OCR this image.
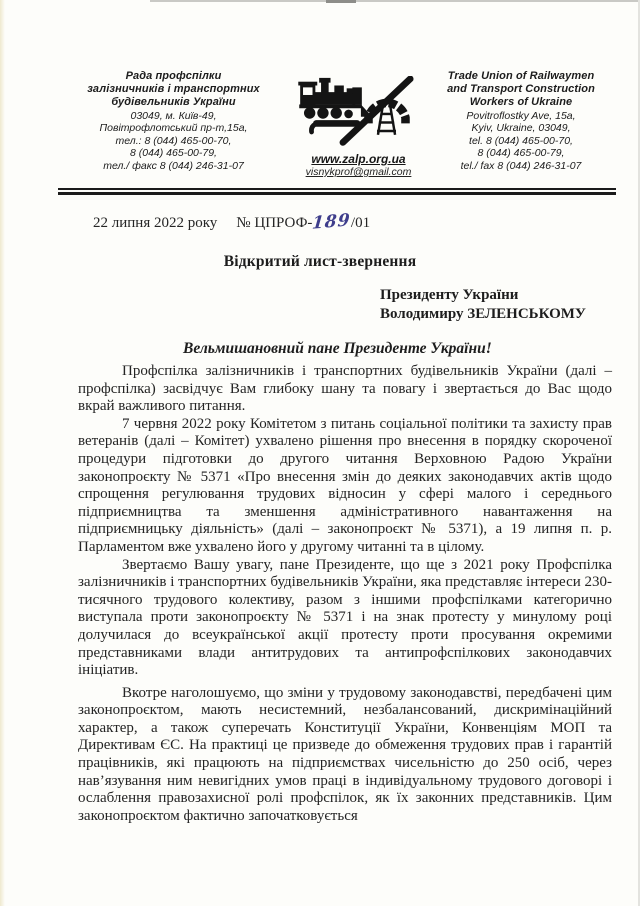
Рада профспілки
залізничників і транспортних
будівельників України
03049, м. Київ-49,
Повітрофлотський пр-т,15а,
тел.: 8 (044) 465-00-70,
8 (044) 465-00-79,
тел./ факс 8 (044) 246-31-07	www.zalp.org.ua
visnykprof@gmail.com
Trade Union of Railwaymen
and Transport Construction
Workers of Ukraine
Povitroflostky Ave, 15a,
Kyiv, Ukraine, 03049,
tel. 8 (044) 465-00-70,
8 (044) 465-00-79,
tel./ fax 8 (044) 246-31-07
22 липня 2022 року № ЦПРОФ-189/01
Відкритий лист-звернення
Президенту України
Володимиру ЗЕЛЕНСЬКОМУ
Вельмишановний пане Президенте України!

Профспілка залізничників і транспортних будівельників України (далі – профспілка) засвідчує Вам глибоку шану та повагу і звертається до Вас щодо вкрай важливого питання.

7 червня 2022 року Комітетом з питань соціальної політики та захисту прав ветеранів (далі – Комітет) ухвалено рішення про внесення в порядку скороченої процедури підготовки до другого читання Верховною Радою України законопроєкту № 5371 «Про внесення змін до деяких законодавчих актів щодо спрощення регулювання трудових відносин у сфері малого і середнього підприємництва та зменшення адміністративного навантаження на підприємницьку діяльність» (далі – законопроєкт № 5371), а 19 липня п. р. Парламентом вже ухвалено його у другому читанні та в цілому.

Звертаємо Вашу увагу, пане Президенте, що ще з 2021 року Профспілка залізничників і транспортних будівельників України, яка представляє інтереси 230-тисячного трудового колективу, разом з іншими профспілками категорично виступала проти законопроєкту № 5371 і на знак протесту у минулому році долучилася до всеукраїнської акції протесту проти просування окремими представниками влади антитрудових та антипрофспілкових законодавчих ініціатив.

Вкотре наголошуємо, що зміни у трудовому законодавстві, передбачені цим законопроєктом, мають несистемний, незбалансований, дискримінаційний характер, а також суперечать Конституції України, Конвенціям МОП та Директивам ЄС. На практиці це призведе до обмеження трудових прав і гарантій працівників, які працюють на підприємствах чисельністю до 250 осіб, через нав’язування ним невигідних умов праці в індивідуальному трудового договорі і ослаблення правозахисної ролі профспілок, як їх законних представників. Цим законопроєктом фактично започатковується
